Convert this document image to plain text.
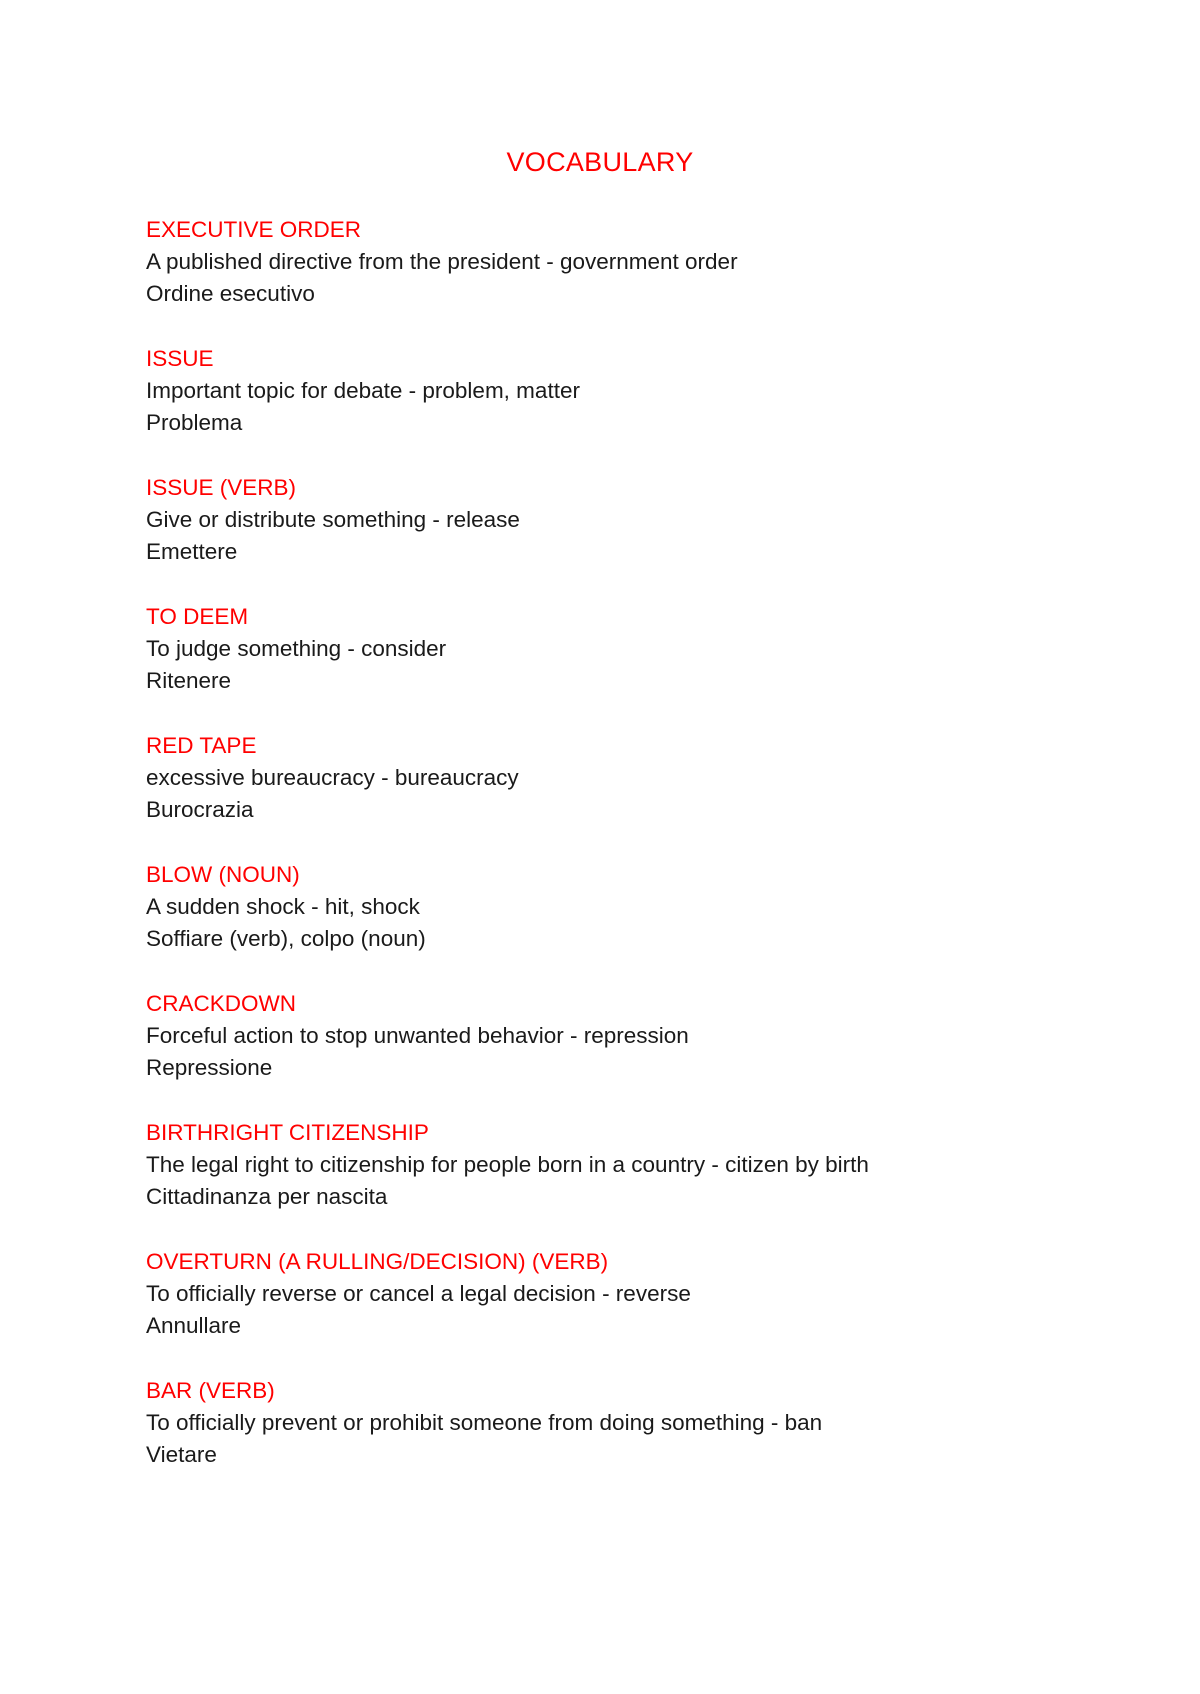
VOCABULARY
EXECUTIVE ORDER
A published directive from the president - government order
Ordine esecutivo
ISSUE
Important topic for debate - problem, matter
Problema
ISSUE (VERB)
Give or distribute something - release
Emettere
TO DEEM
To judge something - consider
Ritenere
RED TAPE
excessive bureaucracy - bureaucracy
Burocrazia
BLOW (NOUN)
A sudden shock - hit, shock
Soffiare (verb), colpo (noun)
CRACKDOWN
Forceful action to stop unwanted behavior - repression
Repressione
BIRTHRIGHT CITIZENSHIP
The legal right to citizenship for people born in a country - citizen by birth
Cittadinanza per nascita
OVERTURN (A RULLING/DECISION) (VERB)
To officially reverse or cancel a legal decision - reverse
Annullare
BAR (VERB)
To officially prevent or prohibit someone from doing something - ban
Vietare
